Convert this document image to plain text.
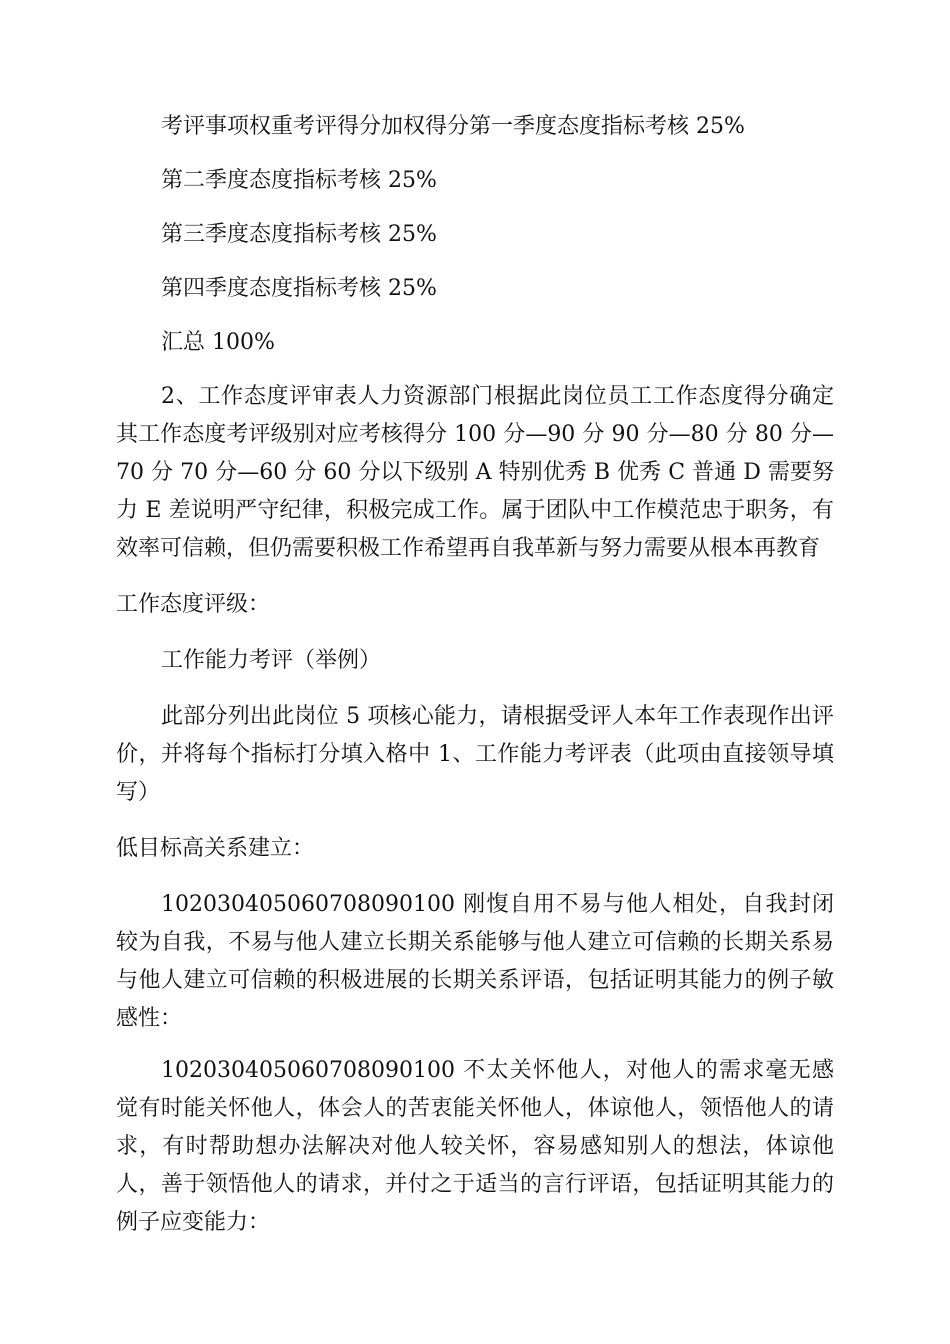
考评事项权重考评得分加权得分第一季度态度指标考核 25%

第二季度态度指标考核 25%

第三季度态度指标考核 25%

第四季度态度指标考核 25%

汇总 100%

2、工作态度评审表人力资源部门根据此岗位员工工作态度得分确定其工作态度考评级别对应考核得分 100 分—90 分 90 分—80 分 80 分—70 分 70 分—60 分 60 分以下级别 A 特别优秀 B 优秀 C 普通 D 需要努力 E 差说明严守纪律，积极完成工作。属于团队中工作模范忠于职务，有效率可信赖，但仍需要积极工作希望再自我革新与努力需要从根本再教育

工作态度评级：

工作能力考评（举例）

此部分列出此岗位 5 项核心能力，请根据受评人本年工作表现作出评价，并将每个指标打分填入格中 1、工作能力考评表（此项由直接领导填写）

低目标高关系建立：

102030405060708090100 刚愎自用不易与他人相处，自我封闭较为自我，不易与他人建立长期关系能够与他人建立可信赖的长期关系易与他人建立可信赖的积极进展的长期关系评语，包括证明其能力的例子敏感性：

102030405060708090100 不太关怀他人，对他人的需求毫无感觉有时能关怀他人，体会人的苦衷能关怀他人，体谅他人，领悟他人的请求，有时帮助想办法解决对他人较关怀，容易感知别人的想法，体谅他人，善于领悟他人的请求，并付之于适当的言行评语，包括证明其能力的例子应变能力：
